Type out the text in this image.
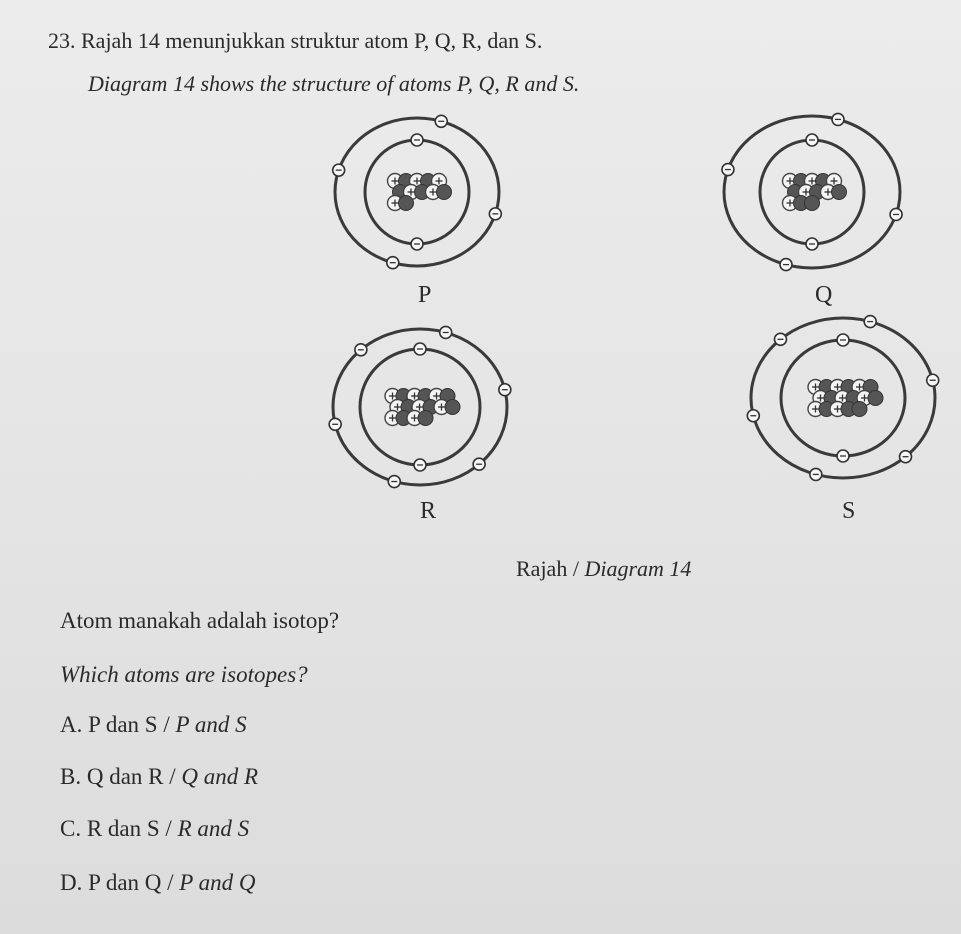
23. Rajah 14 menunjukkan struktur atom P, Q, R, dan S.
Diagram 14 shows the structure of atoms P, Q, R and S.
P	Q
R	S
Rajah / Diagram 14
Atom manakah adalah isotop?
Which atoms are isotopes?
A. P dan S / P and S
B. Q dan R / Q and R
C. R dan S / R and S
D. P dan Q / P and Q
